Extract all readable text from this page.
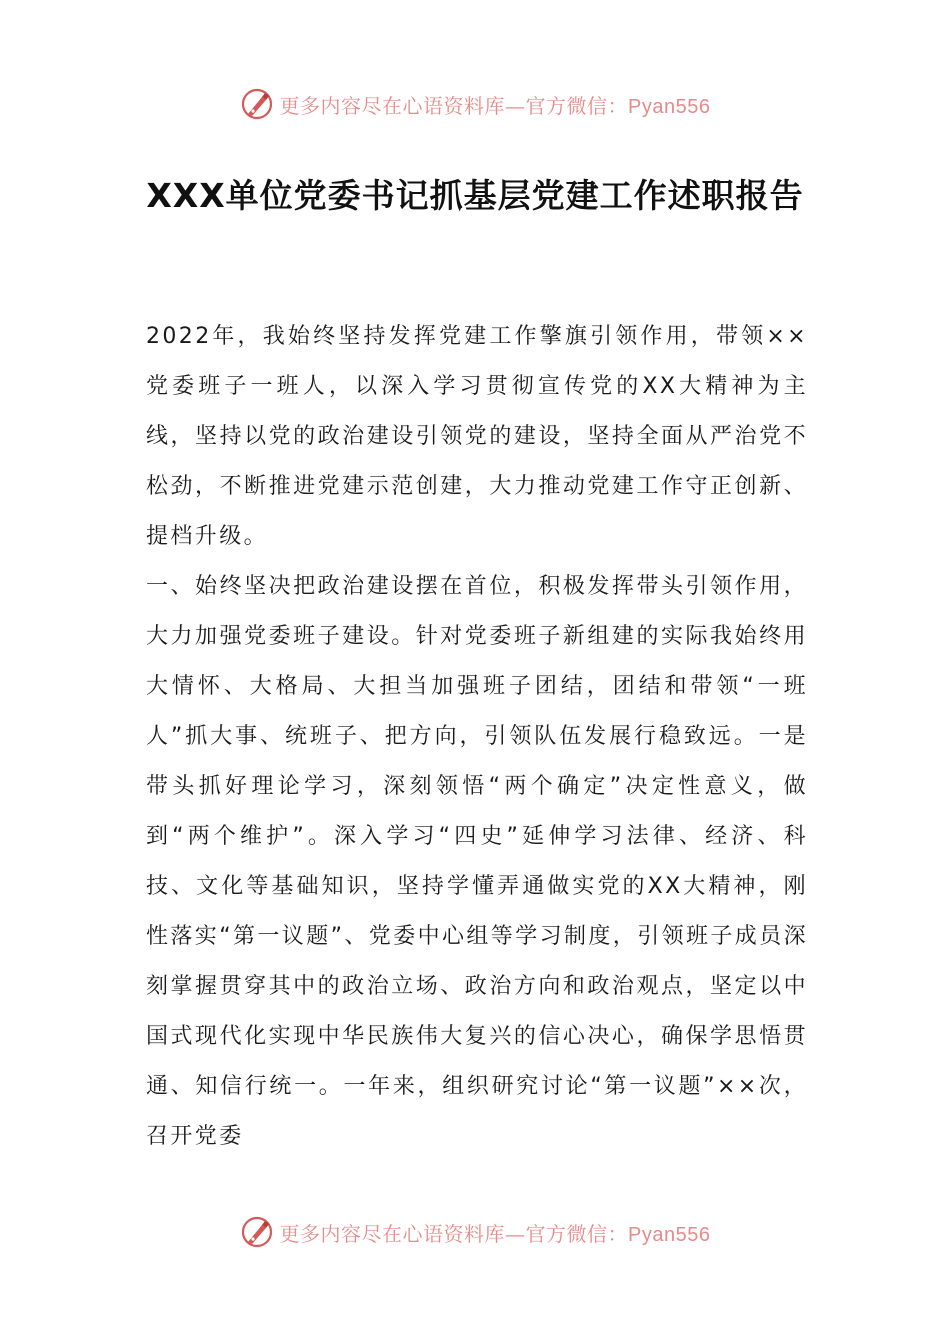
更多内容尽在心语资料库—官方微信：Pyan556
XXX单位党委书记抓基层党建工作述职报告

2022年，我始终坚持发挥党建工作擎旗引领作用，带领××党委班子一班人，以深入学习贯彻宣传党的XX大精神为主线，坚持以党的政治建设引领党的建设，坚持全面从严治党不松劲，不断推进党建示范创建，大力推动党建工作守正创新、提档升级。

一、始终坚决把政治建设摆在首位，积极发挥带头引领作用，大力加强党委班子建设。针对党委班子新组建的实际我始终用大情怀、大格局、大担当加强班子团结，团结和带领“一班人”抓大事、统班子、把方向，引领队伍发展行稳致远。一是带头抓好理论学习，深刻领悟“两个确定”决定性意义，做到“两个维护”。深入学习“四史”延伸学习法律、经济、科技、文化等基础知识，坚持学懂弄通做实党的XX大精神，刚性落实“第一议题”、党委中心组等学习制度，引领班子成员深刻掌握贯穿其中的政治立场、政治方向和政治观点，坚定以中国式现代化实现中华民族伟大复兴的信心决心，确保学思悟贯通、知信行统一。一年来，组织研究讨论“第一议题”××次，召开党委

更多内容尽在心语资料库—官方微信：Pyan556
